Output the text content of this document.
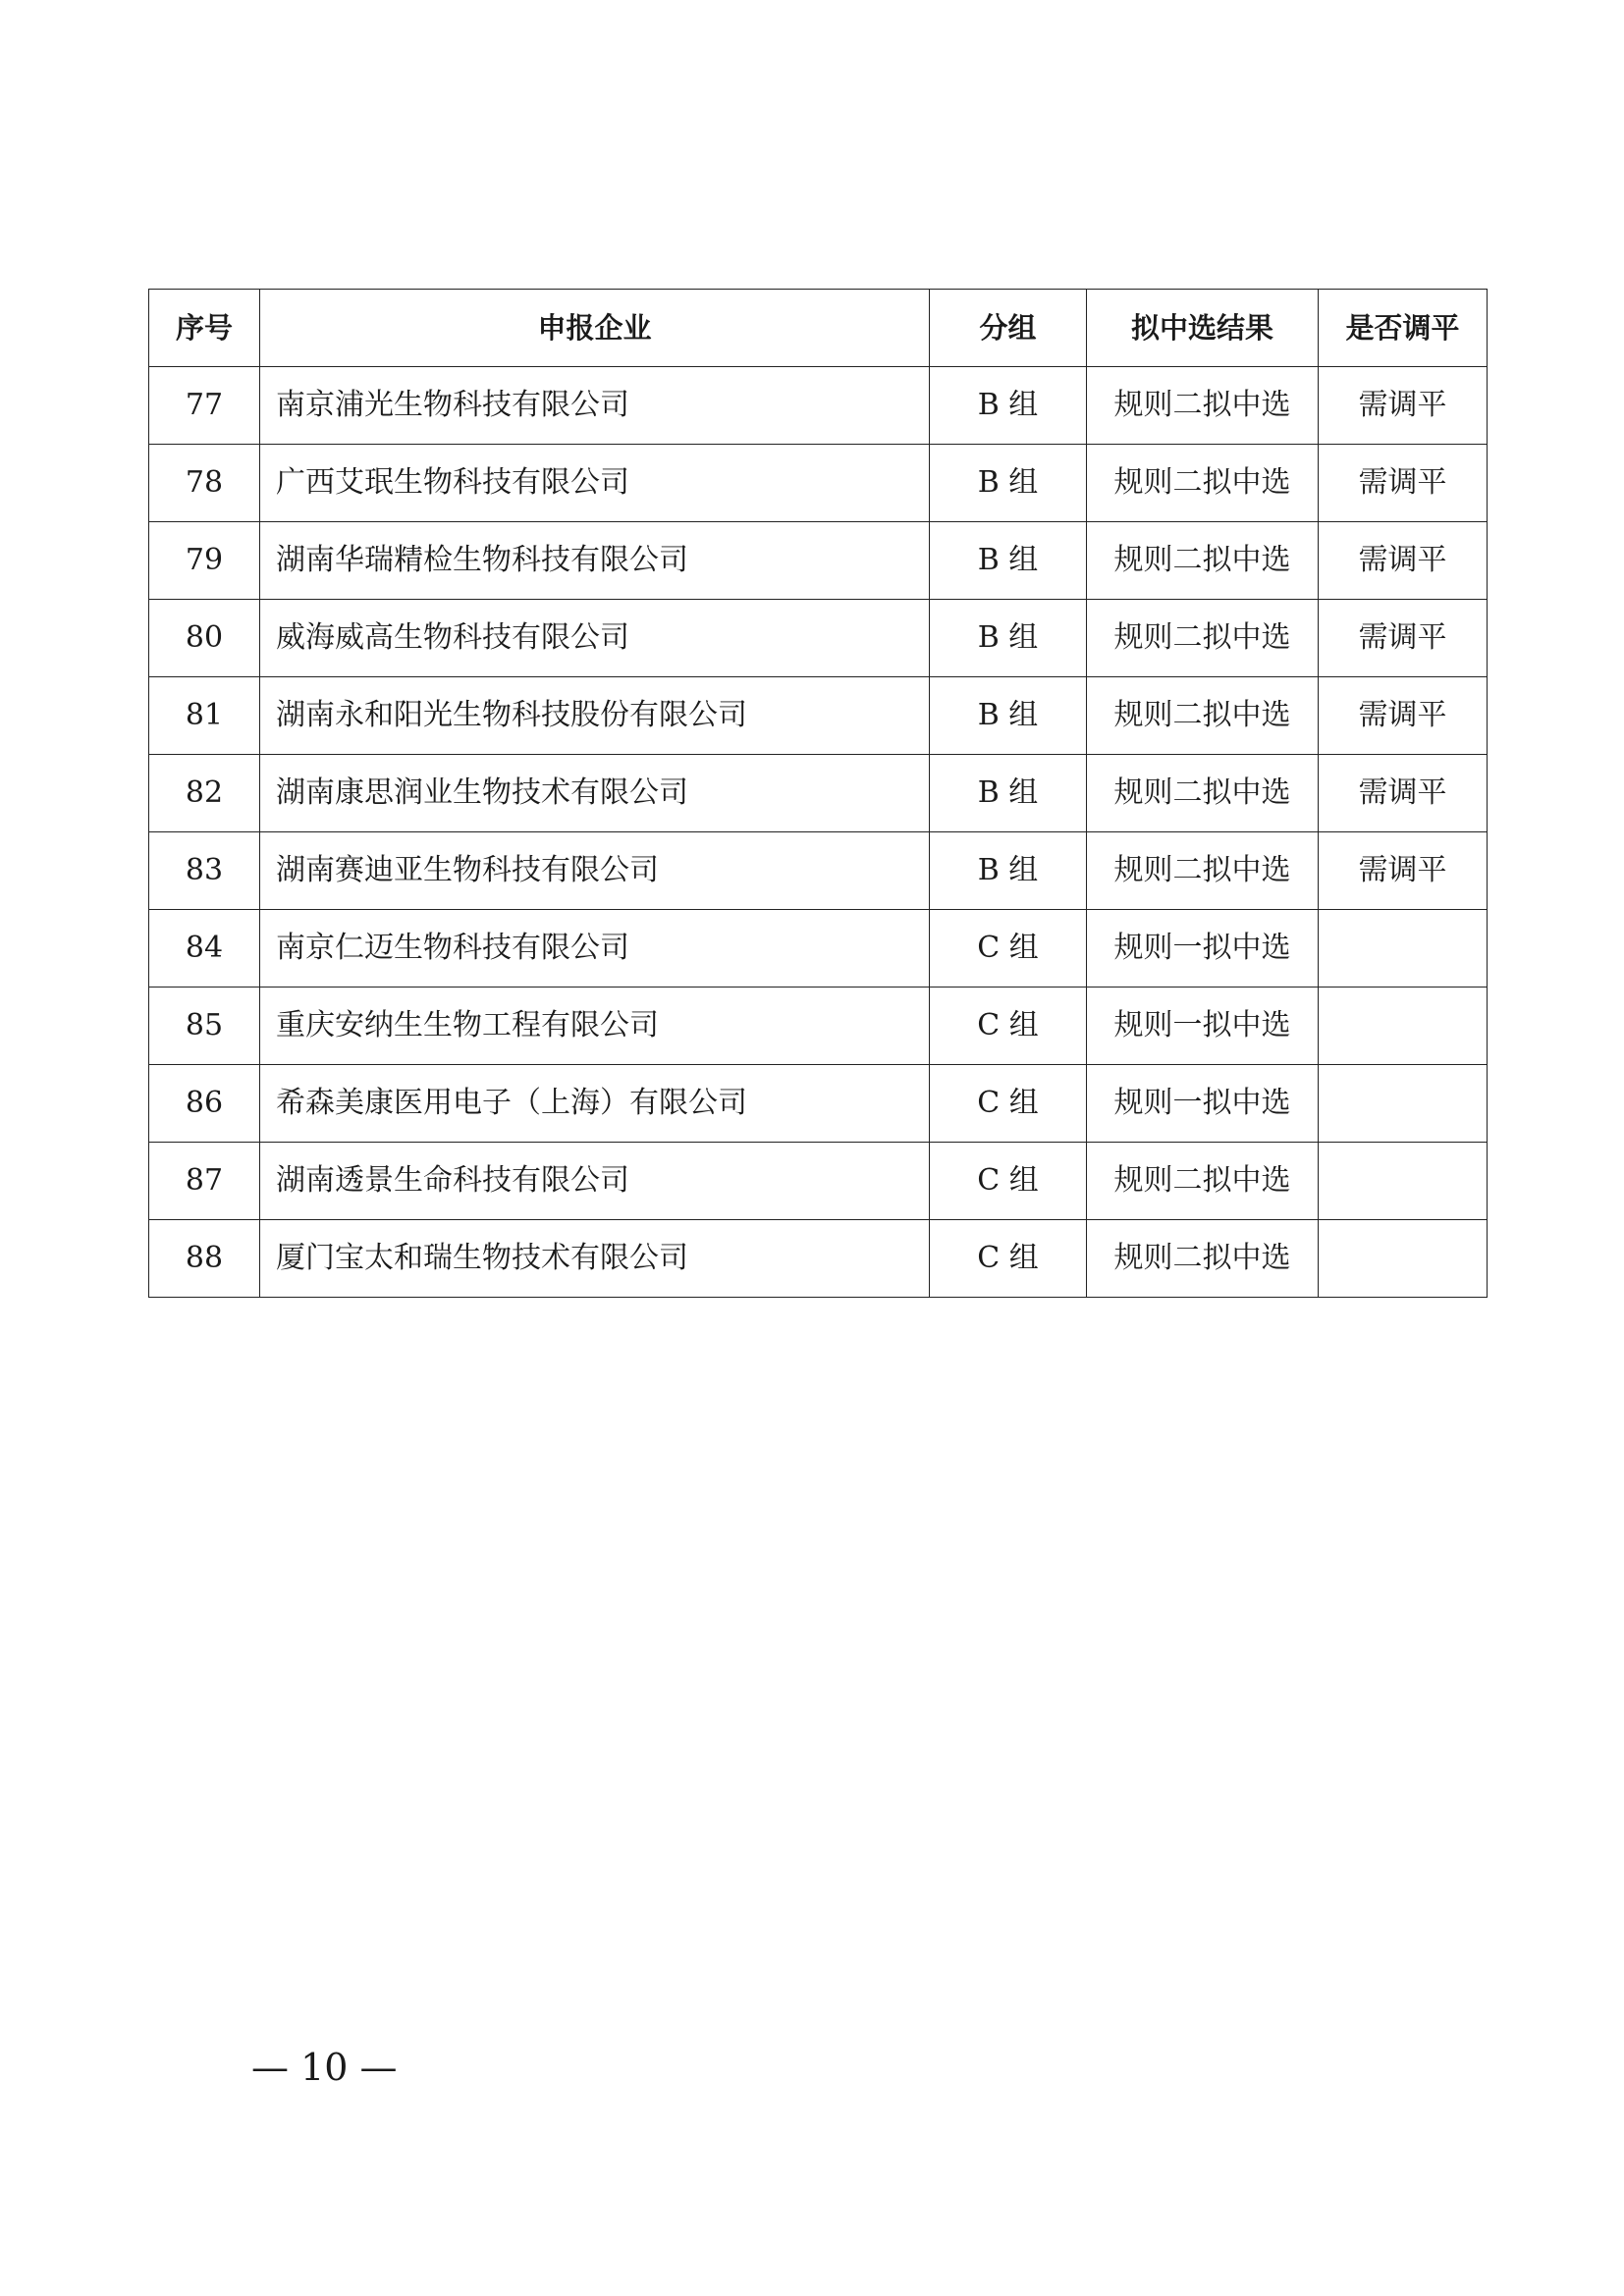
序号	申报企业	分组	拟中选结果	是否调平
77	南京浦光生物科技有限公司	B 组	规则二拟中选	需调平
78	广西艾珉生物科技有限公司	B 组	规则二拟中选	需调平
79	湖南华瑞精检生物科技有限公司	B 组	规则二拟中选	需调平
80	威海威高生物科技有限公司	B 组	规则二拟中选	需调平
81	湖南永和阳光生物科技股份有限公司	B 组	规则二拟中选	需调平
82	湖南康思润业生物技术有限公司	B 组	规则二拟中选	需调平
83	湖南赛迪亚生物科技有限公司	B 组	规则二拟中选	需调平
84	南京仁迈生物科技有限公司	C 组	规则一拟中选	
85	重庆安纳生生物工程有限公司	C 组	规则一拟中选	
86	希森美康医用电子（上海）有限公司	C 组	规则一拟中选	
87	湖南透景生命科技有限公司	C 组	规则二拟中选	
88	厦门宝太和瑞生物技术有限公司	C 组	规则二拟中选	
— 10 —
